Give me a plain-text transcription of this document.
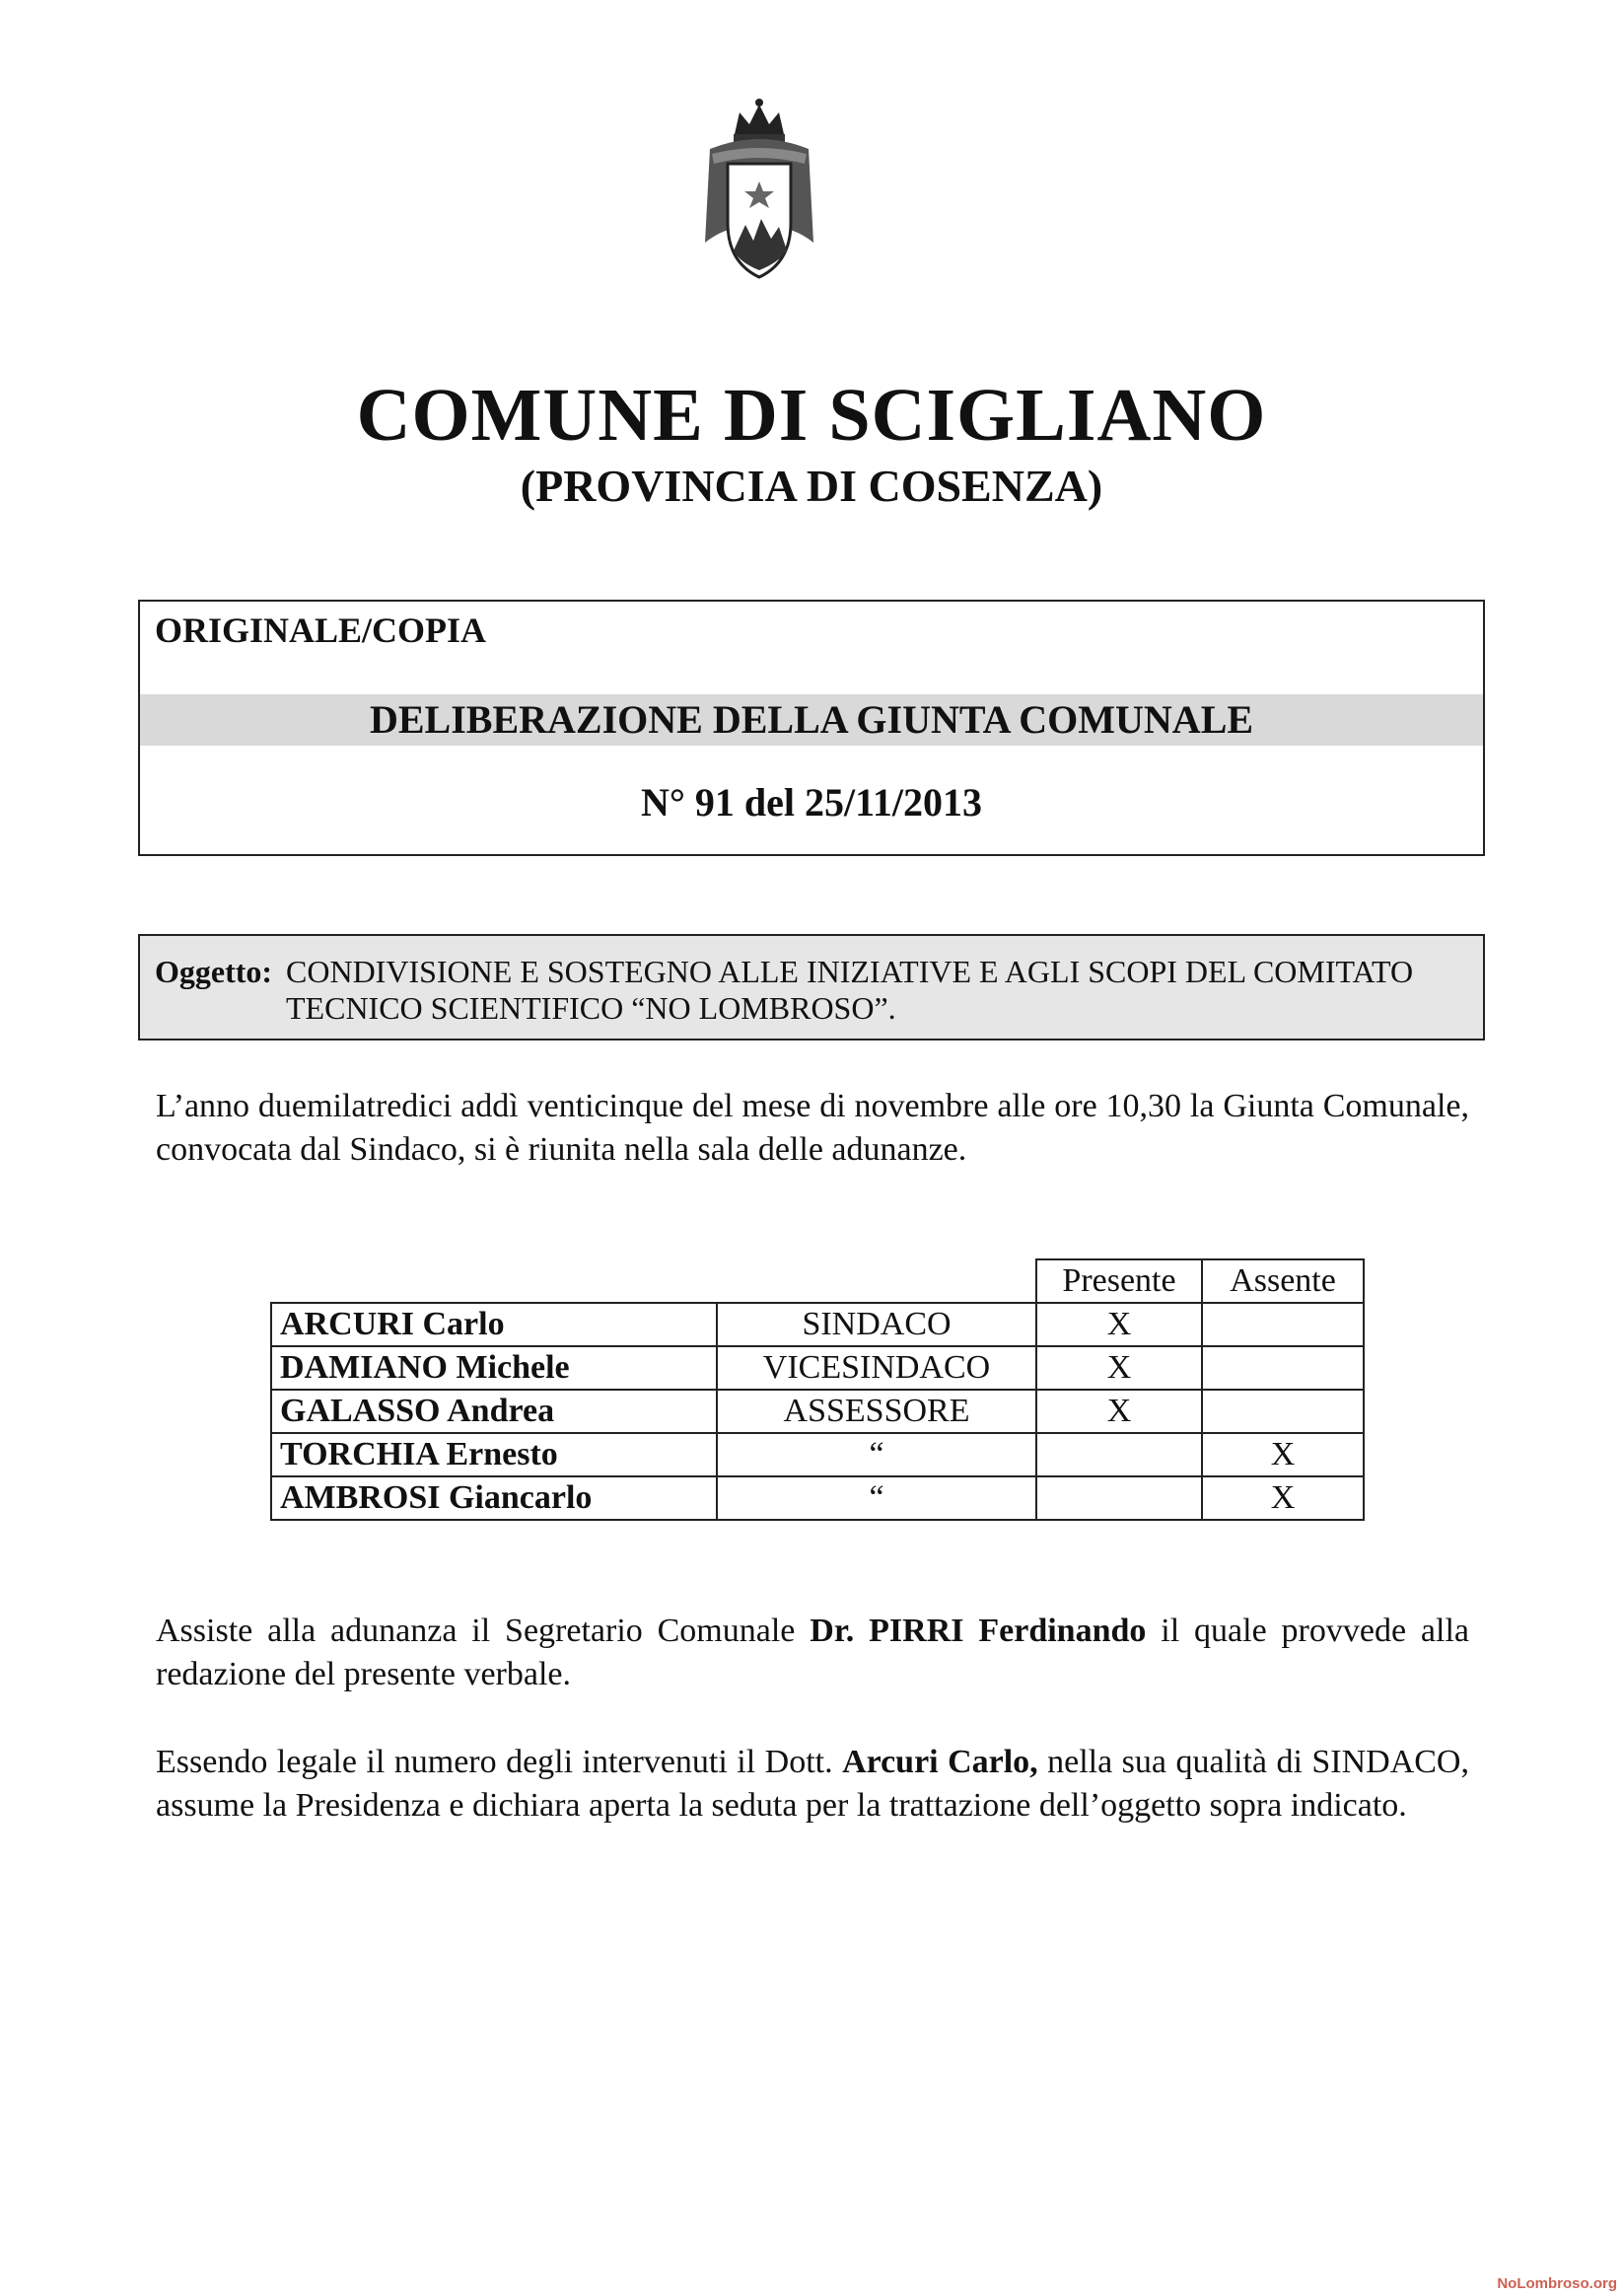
COMUNE DI SCIGLIANO
(PROVINCIA DI COSENZA)
ORIGINALE/COPIA
DELIBERAZIONE DELLA GIUNTA COMUNALE
N° 91 del 25/11/2013
Oggetto: CONDIVISIONE E SOSTEGNO ALLE INIZIATIVE E AGLI SCOPI DEL COMITATO TECNICO SCIENTIFICO “NO LOMBROSO”.
L’anno duemilatredici addì venticinque del mese di novembre alle ore 10,30 la Giunta Comunale, convocata dal Sindaco, si è riunita nella sala delle adunanze.
		Presente	Assente
ARCURI Carlo	SINDACO	X	
DAMIANO Michele	VICESINDACO	X	
GALASSO Andrea	ASSESSORE	X	
TORCHIA Ernesto	“		X
AMBROSI Giancarlo	“		X
Assiste alla adunanza il Segretario Comunale Dr. PIRRI Ferdinando il quale provvede alla redazione del presente verbale.
Essendo legale il numero degli intervenuti il Dott. Arcuri Carlo, nella sua qualità di SINDACO, assume la Presidenza e dichiara aperta la seduta per la trattazione dell’oggetto sopra indicato.
NoLombroso.org
